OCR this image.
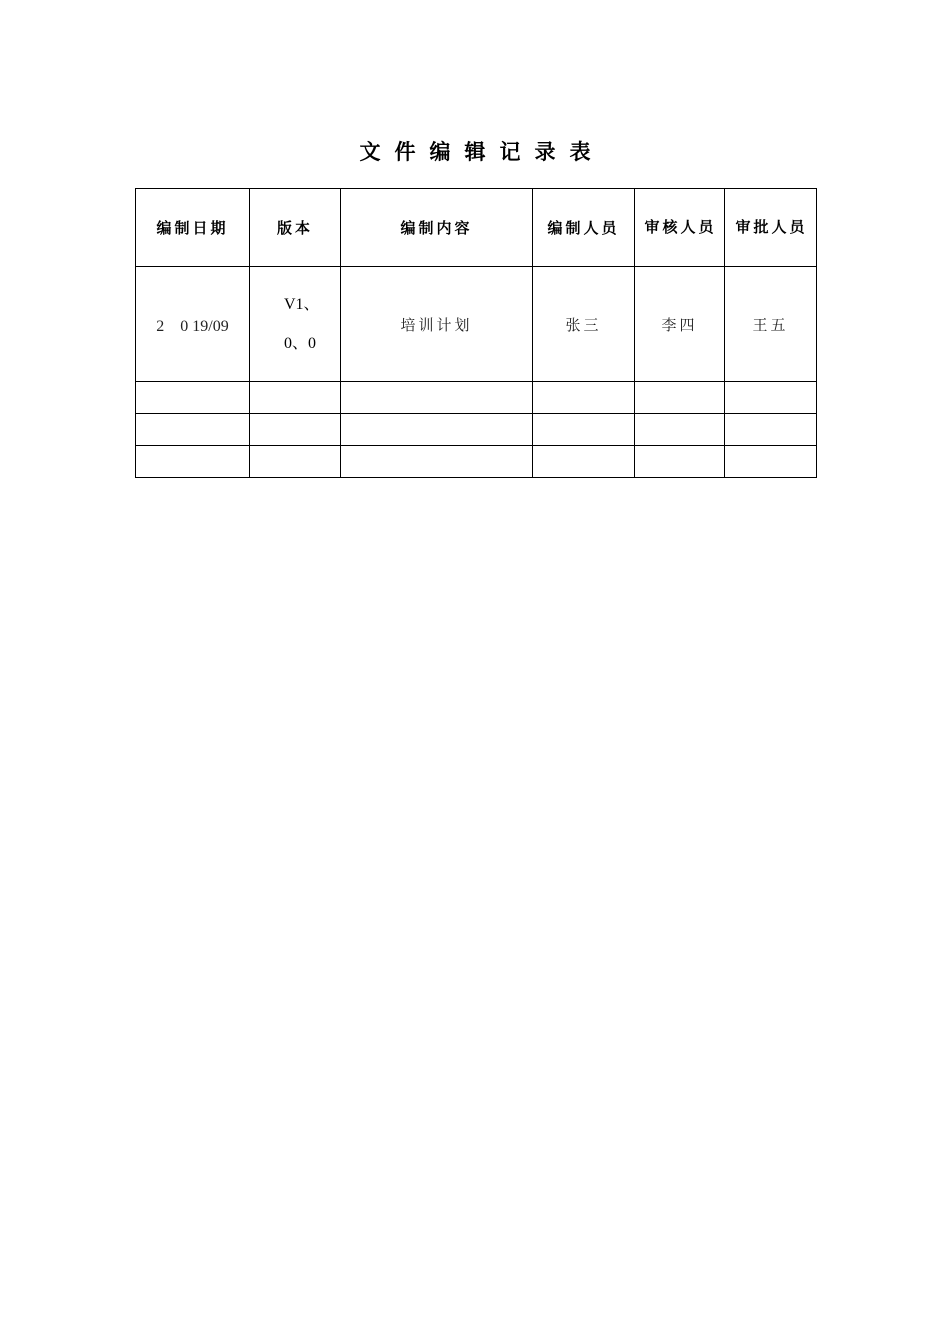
文件编辑记录表
编制日期	版本	编制内容	编制人员	审核人员	审批人员
2　0 19/09	V1、0、0	培训计划	张三	李四	王五
